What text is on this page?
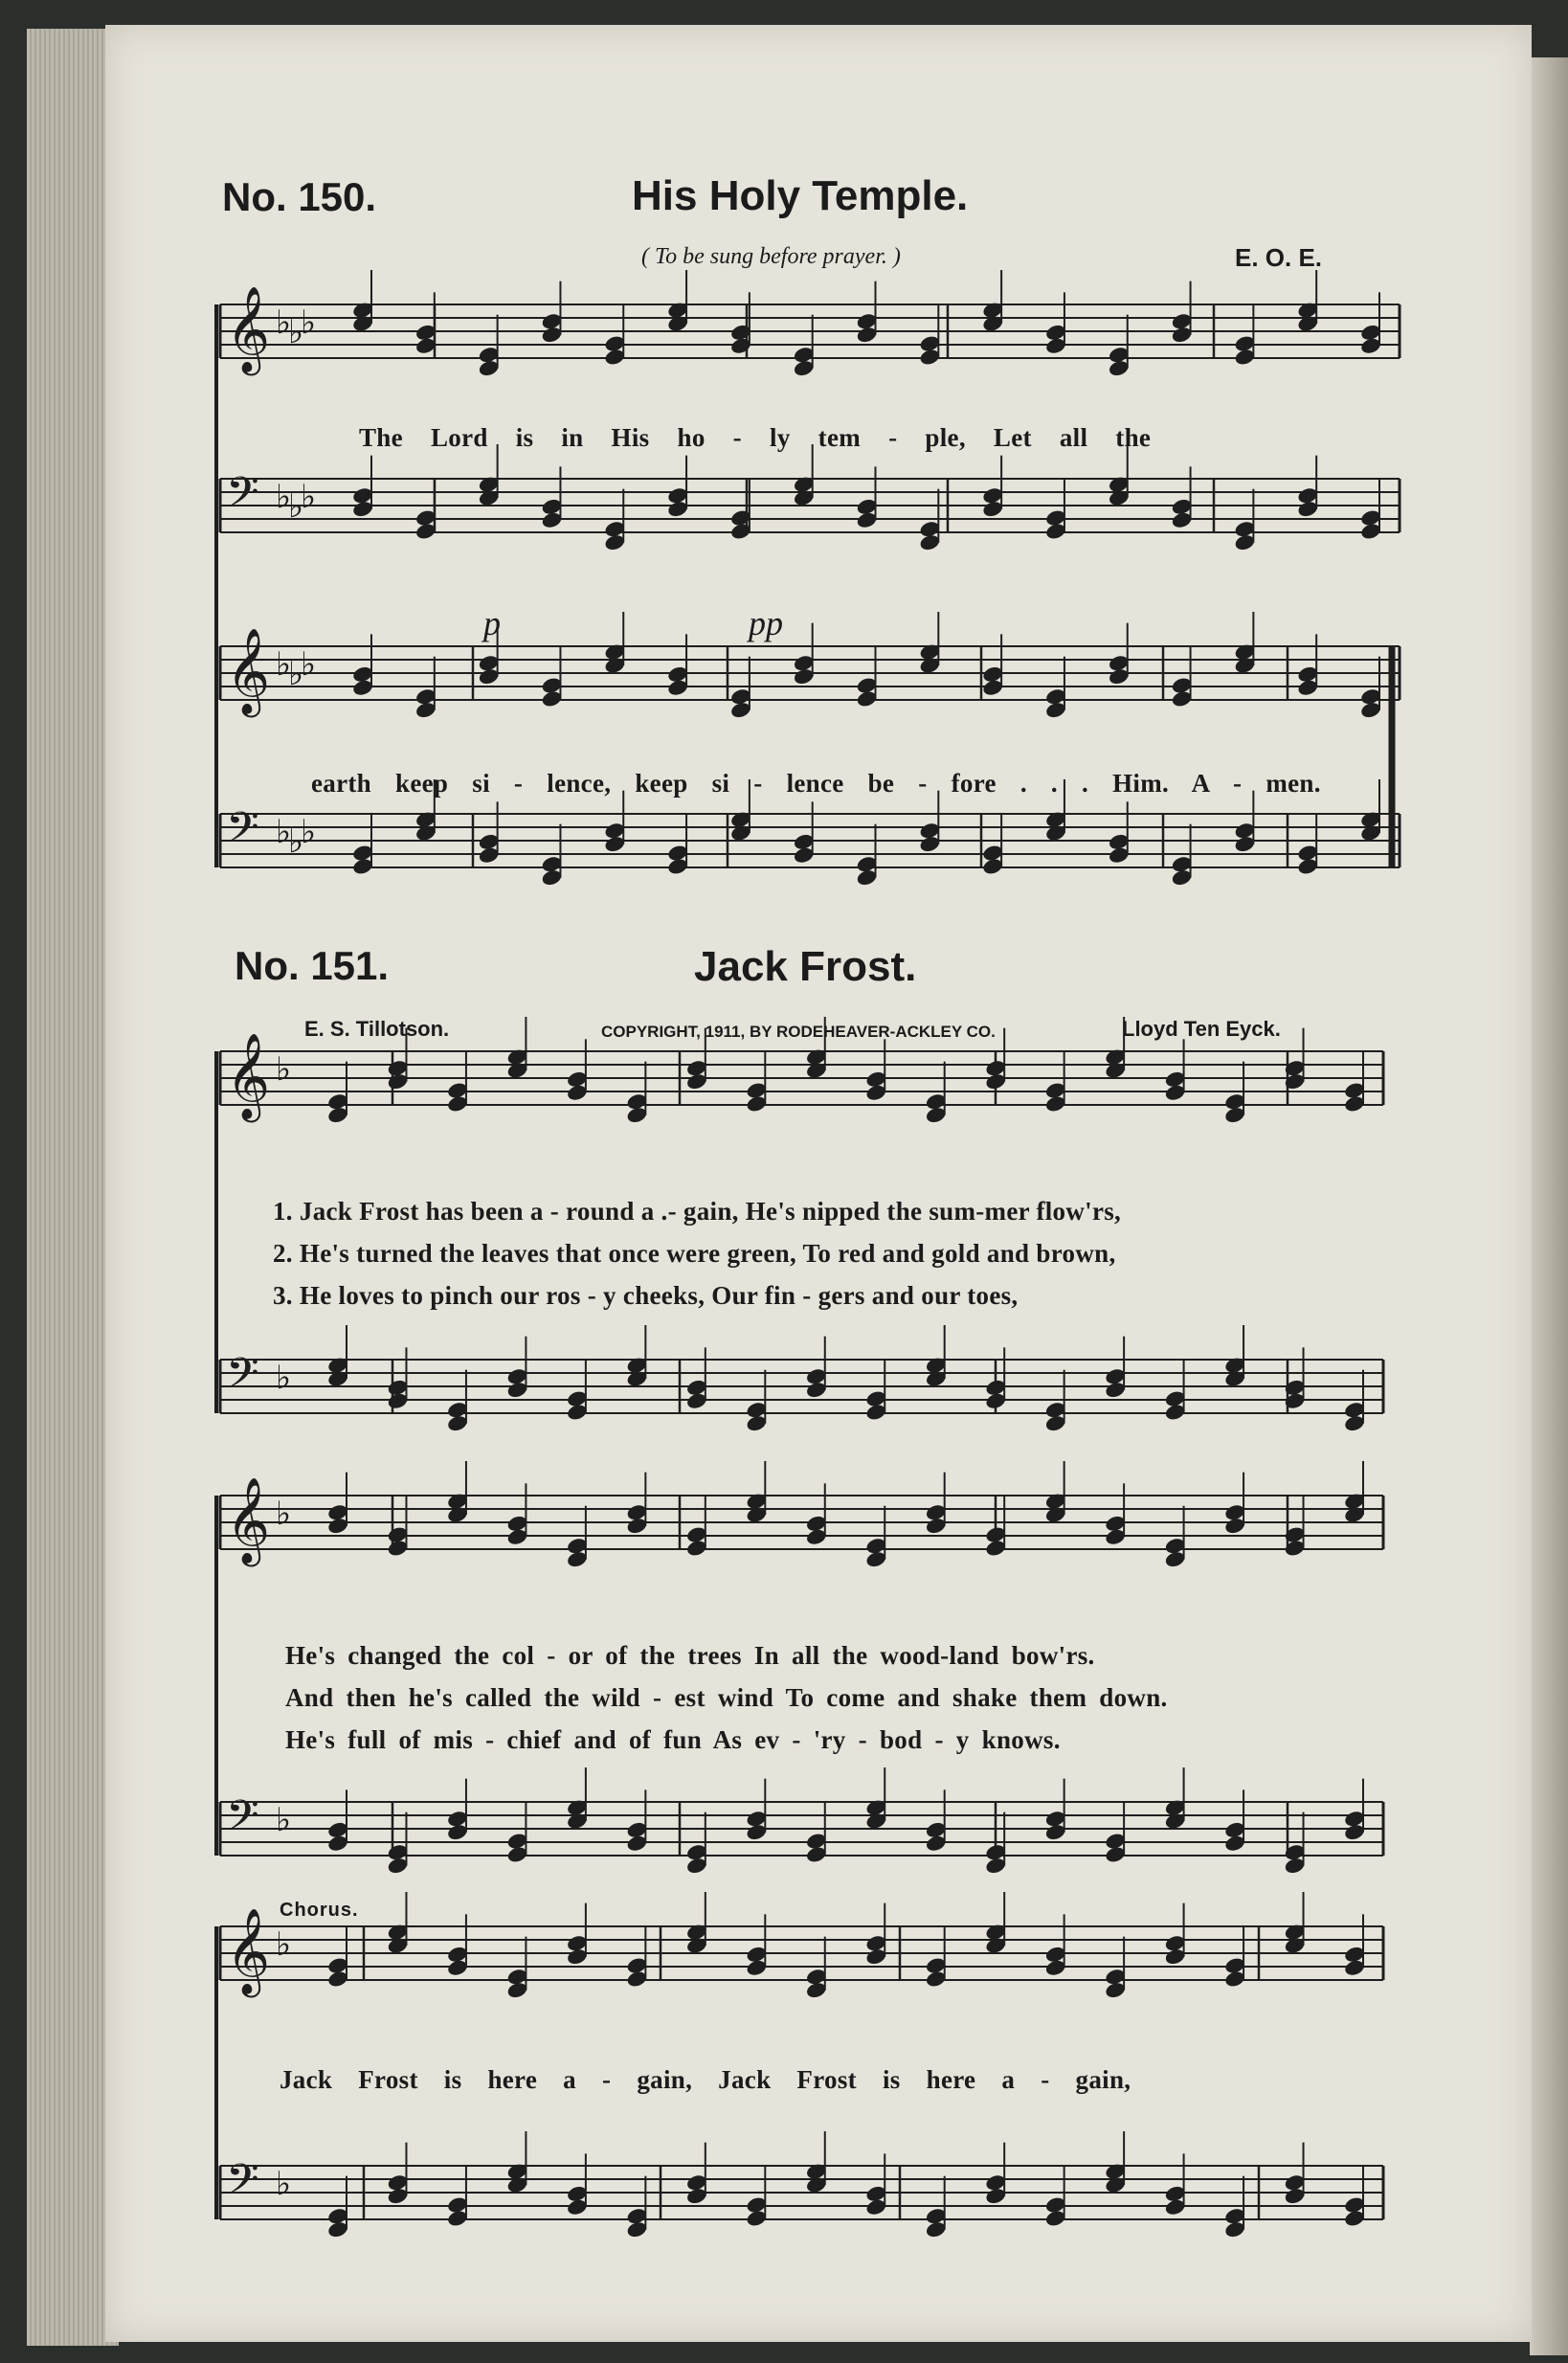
𝄞 ♭
♭
♭
𝄢 ♭
♭
♭
𝄞 ♭
♭
♭
𝄢 ♭
♭
♭
𝄞 ♭
𝄢 ♭
𝄞 ♭
𝄢 ♭
𝄞 ♭
𝄢 ♭
No. 150.	His Holy Temple.
( To be sung before prayer. )	E. O. E.
p	pp
The Lord is in His ho - ly tem - ple, Let all the
earth keep si - lence, keep si - lence be - fore . . . Him. A - men.
No. 151.	Jack Frost.
E. S. Tillotson.	COPYRIGHT, 1911, BY RODEHEAVER-ACKLEY CO.	Lloyd Ten Eyck.
1. Jack Frost has been a - round a .- gain, He's nipped the sum-mer flow'rs,
2. He's turned the leaves that once were green, To red and gold and brown,
3. He loves to pinch our ros - y cheeks, Our fin - gers and our toes,
He's changed the col - or of the trees In all the wood-land bow'rs.
And then he's called the wild - est wind To come and shake them down.
He's full of mis - chief and of fun As ev - 'ry - bod - y knows.
Chorus.
Jack Frost is here a - gain, Jack Frost is here a - gain,
